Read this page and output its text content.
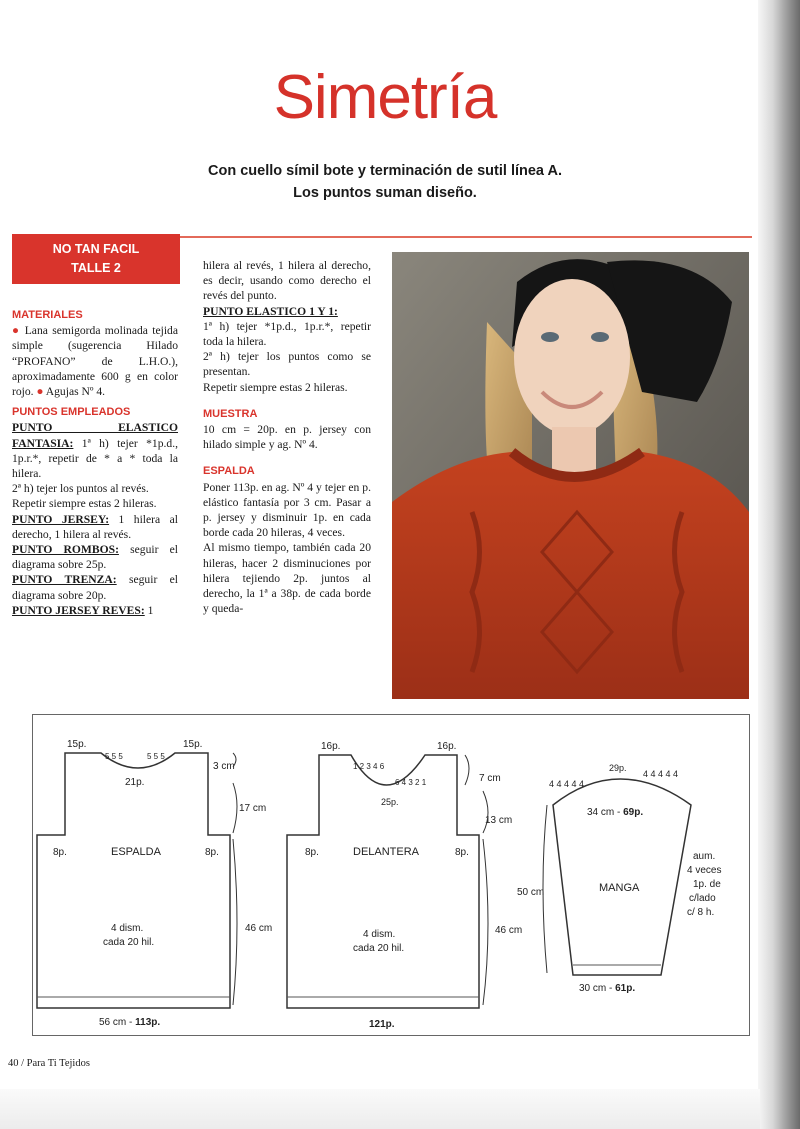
Simetría
Con cuello símil bote y terminación de sutil línea A.
Los puntos suman diseño.
NO TAN FACIL
TALLE 2

MATERIALES

● Lana semigorda molinada tejida simple (sugerencia Hilado “PROFANO” de L.H.O.), aproximadamente 600 g en color rojo. ● Agujas Nº 4.

PUNTOS EMPLEADOS

PUNTO ELASTICO FANTASIA: 1ª h) tejer *1p.d., 1p.r.*, repetir de * a * toda la hilera.

2ª h) tejer los puntos al revés.

Repetir siempre estas 2 hileras.

PUNTO JERSEY: 1 hilera al derecho, 1 hilera al revés.

PUNTO ROMBOS: seguir el diagrama sobre 25p.

PUNTO TRENZA: seguir el diagrama sobre 20p.

PUNTO JERSEY REVES: 1

hilera al revés, 1 hilera al derecho, es decir, usando como derecho el revés del punto.

PUNTO ELASTICO 1 Y 1:

1ª h) tejer *1p.d., 1p.r.*, repetir toda la hilera.

2ª h) tejer los puntos como se presentan.

Repetir siempre estas 2 hileras.

MUESTRA

10 cm = 20p. en p. jersey con hilado simple y ag. Nº 4.

ESPALDA

Poner 113p. en ag. Nº 4 y tejer en p. elástico fantasía por 3 cm. Pasar a p. jersey y disminuir 1p. en cada borde cada 20 hileras, 4 veces.

Al mismo tiempo, también cada 20 hileras, hacer 2 disminuciones por hilera tejiendo 2p. juntos al derecho, la 1ª a 38p. de cada borde y queda-

15p.	15p.
5 5 5	5 5 5
21p.
3 cm
17 cm
8p.	8p.
ESPALDA
4 dism.
cada 20 hil.
46 cm
56 cm - 113p.
16p.	16p.
1 2 3 4 6
6 4 3 2 1
25p.
7 cm
13 cm
8p.	8p.
DELANTERA
4 dism.
cada 20 hil.
46 cm
121p.
4 4 4 4 4
29p.
4 4 4 4 4
34 cm - 69p.
MANGA
50 cm
aum.
4 veces
1p. de
c/lado
c/ 8 h.
30 cm - 61p.
40 / Para Ti Tejidos
